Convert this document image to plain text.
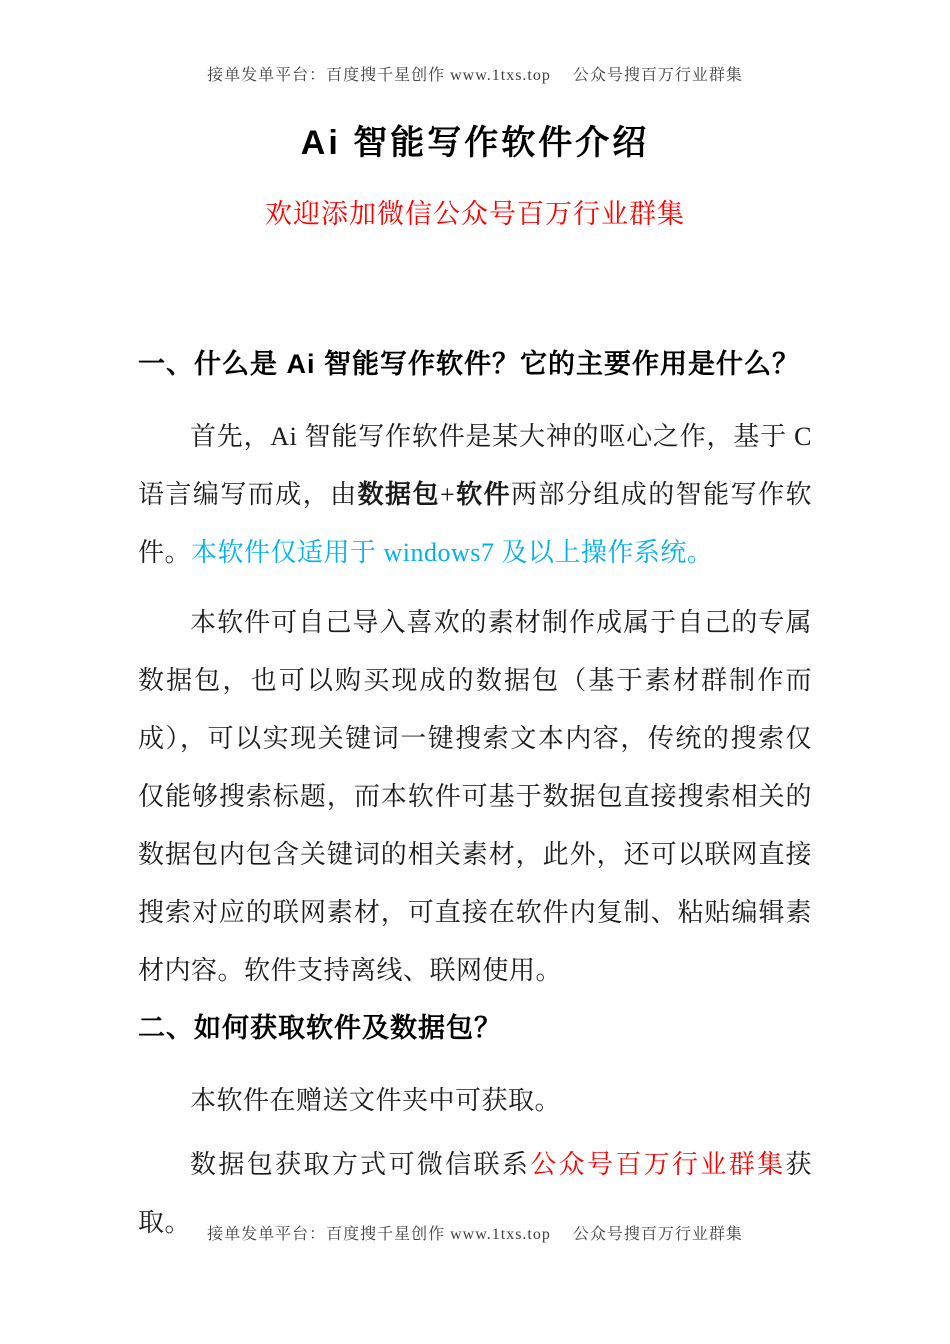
接单发单平台：百度搜千星创作 www.1txs.top　 公众号搜百万行业群集
Ai 智能写作软件介绍
欢迎添加微信公众号百万行业群集
一、什么是 Ai 智能写作软件？它的主要作用是什么？

首先，Ai 智能写作软件是某大神的呕心之作，基于 C 语言编写而成，由数据包+软件两部分组成的智能写作软件。本软件仅适用于 windows7 及以上操作系统。

本软件可自己导入喜欢的素材制作成属于自己的专属数据包，也可以购买现成的数据包（基于素材群制作而成），可以实现关键词一键搜索文本内容，传统的搜索仅仅能够搜索标题，而本软件可基于数据包直接搜索相关的数据包内包含关键词的相关素材，此外，还可以联网直接搜索对应的联网素材，可直接在软件内复制、粘贴编辑素材内容。软件支持离线、联网使用。

二、如何获取软件及数据包？

本软件在赠送文件夹中可获取。

数据包获取方式可微信联系公众号百万行业群集获取。	接单发单平台：百度搜千星创作 www.1txs.top　 公众号搜百万行业群集
